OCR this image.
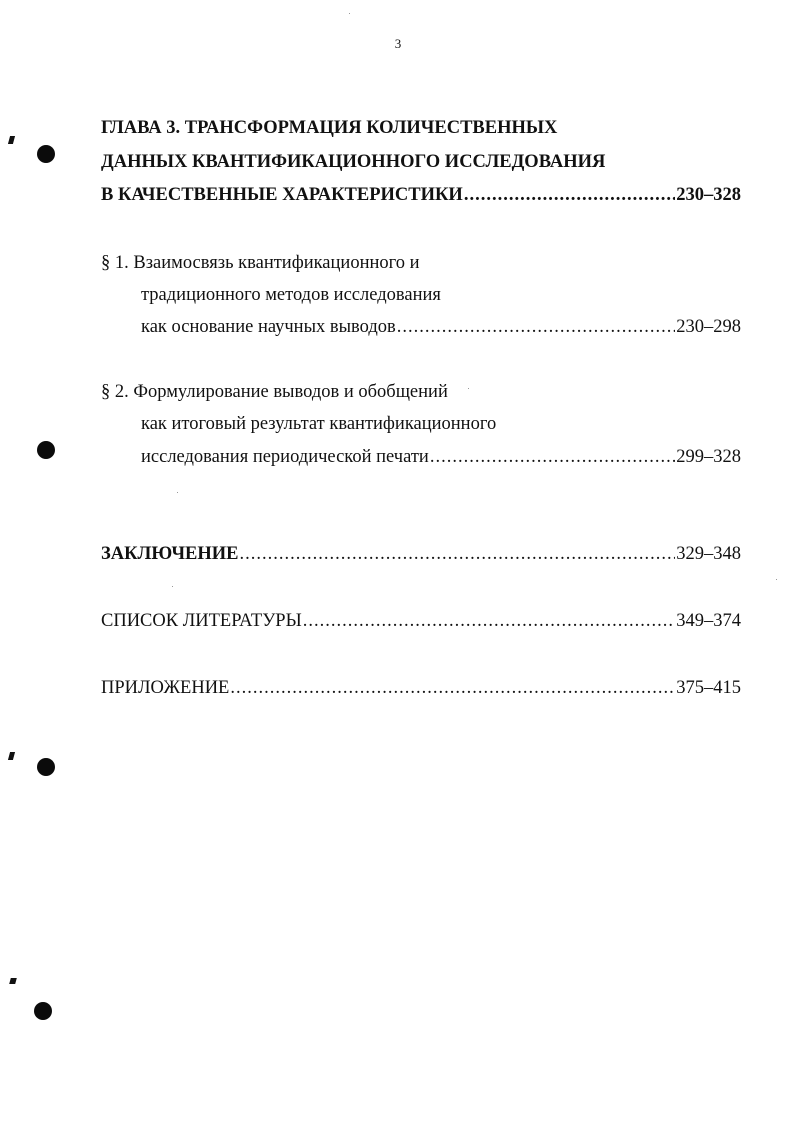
3
ГЛАВА 3. ТРАНСФОРМАЦИЯ КОЛИЧЕСТВЕННЫХ
ДАННЫХ КВАНТИФИКАЦИОННОГО ИССЛЕДОВАНИЯ
В КАЧЕСТВЕННЫЕ ХАРАКТЕРИСТИКИ .....	230–328
§ 1. Взаимосвязь квантификационного и
традиционного методов исследования
как основание научных выводов .....	230–298
§ 2. Формулирование выводов и обобщений
как итоговый результат квантификационного
исследования периодической печати .....	299–328
ЗАКЛЮЧЕНИЕ .....	329–348
СПИСОК ЛИТЕРАТУРЫ .....	349–374
ПРИЛОЖЕНИЕ .....	375–415
